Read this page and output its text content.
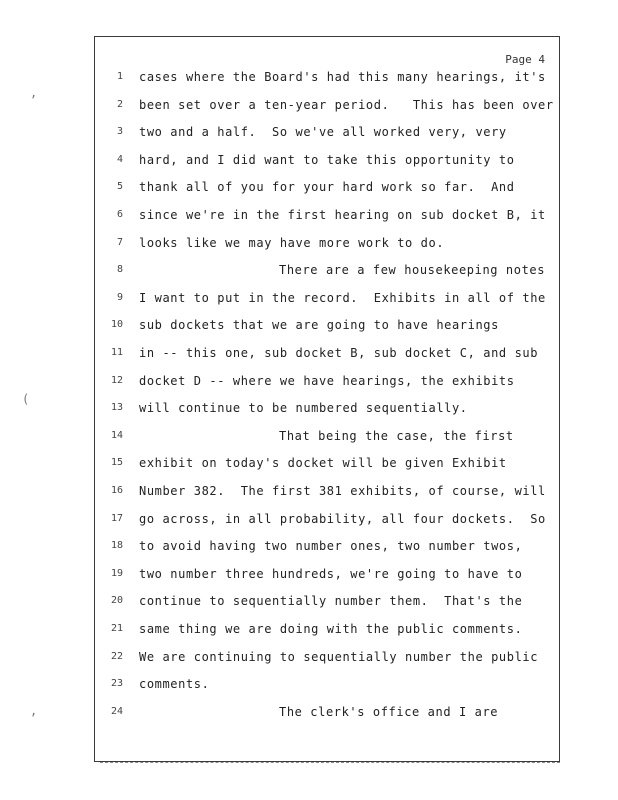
Page 4
1 cases where the Board's had this many hearings, it's
2 been set over a ten-year period.   This has been over
3 two and a half.  So we've all worked very, very
4 hard, and I did want to take this opportunity to
5 thank all of you for your hard work so far.  And
6 since we're in the first hearing on sub docket B, it
7 looks like we may have more work to do.
8	There are a few housekeeping notes
9 I want to put in the record.  Exhibits in all of the
10 sub dockets that we are going to have hearings
11 in -- this one, sub docket B, sub docket C, and sub
12 docket D -- where we have hearings, the exhibits
13 will continue to be numbered sequentially.
14	That being the case, the first
15 exhibit on today's docket will be given Exhibit
16 Number 382.  The first 381 exhibits, of course, will
17 go across, in all probability, all four dockets.  So
18 to avoid having two number ones, two number twos,
19 two number three hundreds, we're going to have to
20 continue to sequentially number them.  That's the
21 same thing we are doing with the public comments.
22 We are continuing to sequentially number the public
23 comments.
24	The clerk's office and I are
,
(
,
